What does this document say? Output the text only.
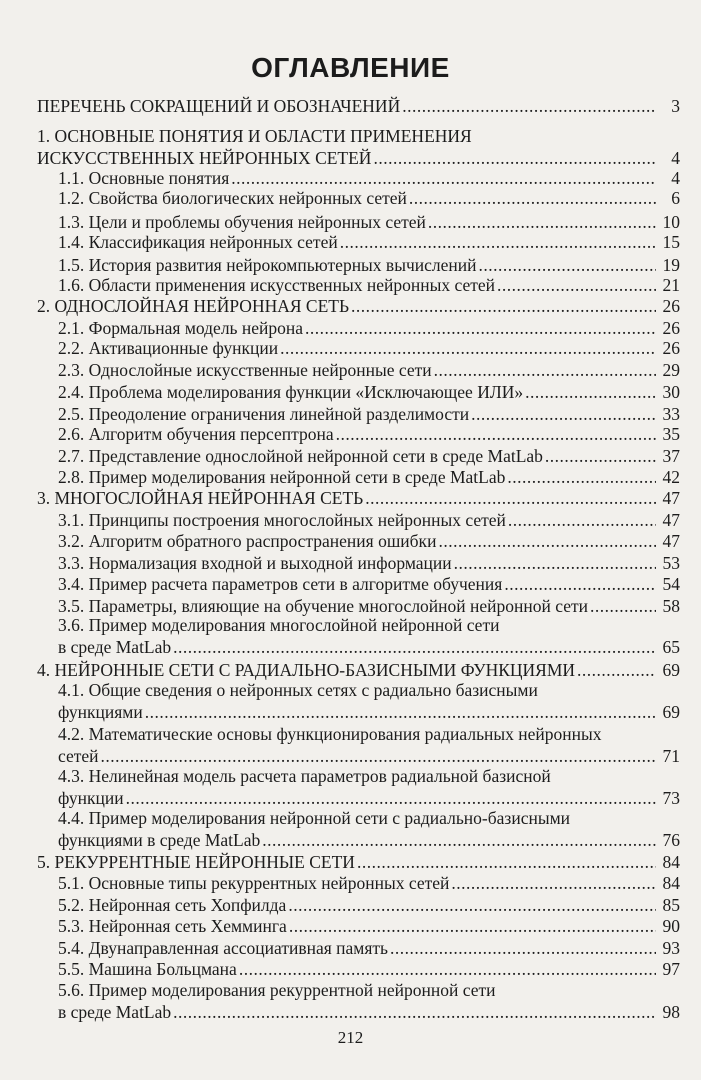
ОГЛАВЛЕНИЕ
ПЕРЕЧЕНЬ СОКРАЩЕНИЙ И ОБОЗНАЧЕНИЙ .....	3
1. ОСНОВНЫЕ ПОНЯТИЯ И ОБЛАСТИ ПРИМЕНЕНИЯ
ИСКУССТВЕННЫХ НЕЙРОННЫХ СЕТЕЙ .....	4
1.1. Основные понятия .....	4
1.2. Свойства биологических нейронных сетей .....	6
1.3. Цели и проблемы обучения нейронных сетей .....	10
1.4. Классификация нейронных сетей .....	15
1.5. История развития нейрокомпьютерных вычислений .....	19
1.6. Области применения искусственных нейронных сетей .....	21
2. ОДНОСЛОЙНАЯ НЕЙРОННАЯ СЕТЬ .....	26
2.1. Формальная модель нейрона .....	26
2.2. Активационные функции .....	26
2.3. Однослойные искусственные нейронные сети .....	29
2.4. Проблема моделирования функции «Исключающее ИЛИ» .....	30
2.5. Преодоление ограничения линейной разделимости .....	33
2.6. Алгоритм обучения персептрона .....	35
2.7. Представление однослойной нейронной сети в среде MatLab .....	37
2.8. Пример моделирования нейронной сети в среде MatLab .....	42
3. МНОГОСЛОЙНАЯ НЕЙРОННАЯ СЕТЬ .....	47
3.1. Принципы построения многослойных нейронных сетей .....	47
3.2. Алгоритм обратного распространения ошибки .....	47
3.3. Нормализация входной и выходной информации .....	53
3.4. Пример расчета параметров сети в алгоритме обучения .....	54
3.5. Параметры, влияющие на обучение многослойной нейронной сети .....	58
3.6. Пример моделирования многослойной нейронной сети
в среде MatLab .....	65
4. НЕЙРОННЫЕ СЕТИ С РАДИАЛЬНО-БАЗИСНЫМИ ФУНКЦИЯМИ .....	69
4.1. Общие сведения о нейронных сетях с радиально базисными
функциями .....	69
4.2. Математические основы функционирования радиальных нейронных
сетей .....	71
4.3. Нелинейная модель расчета параметров радиальной базисной
функции .....	73
4.4. Пример моделирования нейронной сети с радиально-базисными
функциями в среде MatLab .....	76
5. РЕКУРРЕНТНЫЕ НЕЙРОННЫЕ СЕТИ .....	84
5.1. Основные типы рекуррентных нейронных сетей .....	84
5.2. Нейронная сеть Хопфилда .....	85
5.3. Нейронная сеть Хемминга .....	90
5.4. Двунаправленная ассоциативная память .....	93
5.5. Машина Больцмана .....	97
5.6. Пример моделирования рекуррентной нейронной сети
в среде MatLab .....	98
212
